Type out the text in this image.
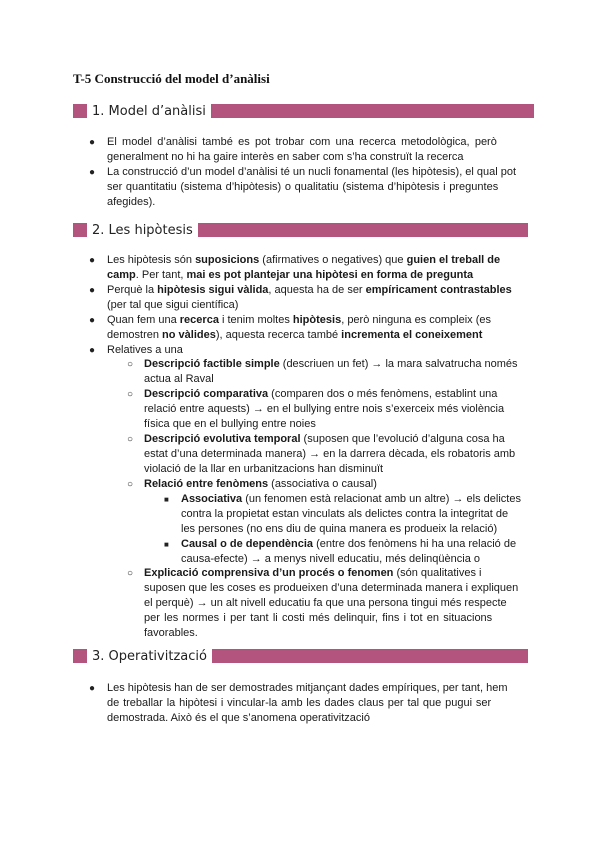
T-5 Construcció del model d’anàlisi
1. Model d’anàlisi
● El model d’anàlisi també es pot trobar com una recerca metodològica, però
generalment no hi ha gaire interès en saber com s’ha construït la recerca
● La construcció d’un model d’anàlisi té un nucli fonamental (les hipòtesis), el qual pot
ser quantitatiu (sistema d’hipòtesis) o qualitatiu (sistema d’hipòtesis i preguntes
afegides).
2. Les hipòtesis
● Les hipòtesis són suposicions (afirmatives o negatives) que guien el treball de
camp. Per tant, mai es pot plantejar una hipòtesi en forma de pregunta
● Perquè la hipòtesis sigui vàlida, aquesta ha de ser empíricament contrastables
(per tal que sigui científica)
● Quan fem una recerca i tenim moltes hipòtesis, però ninguna es compleix (es
demostren no vàlides), aquesta recerca també incrementa el coneixement
● Relatives a una
○ Descripció factible simple (descriuen un fet) → la mara salvatrucha només
actua al Raval
○ Descripció comparativa (comparen dos o més fenòmens, establint una
relació entre aquests) → en el bullying entre nois s’exerceix més violència
física que en el bullying entre noies
○ Descripció evolutiva temporal (suposen que l’evolució d’alguna cosa ha
estat d’una determinada manera) → en la darrera dècada, els robatoris amb
violació de la llar en urbanitzacions han disminuït
○ Relació entre fenòmens (associativa o causal)
■ Associativa (un fenomen està relacionat amb un altre) → els delictes
contra la propietat estan vinculats als delictes contra la integritat de
les persones (no ens diu de quina manera es produeix la relació)
■ Causal o de dependència (entre dos fenòmens hi ha una relació de
causa-efecte) → a menys nivell educatiu, més delinqüència o
○ Explicació comprensiva d’un procés o fenomen (són qualitatives i
suposen que les coses es produeixen d’una determinada manera i expliquen
el perquè) → un alt nivell educatiu fa que una persona tingui més respecte
per les normes i per tant li costi més delinquir, fins i tot en situacions
favorables.
3. Operativització
● Les hipòtesis han de ser demostrades mitjançant dades empíriques, per tant, hem
de treballar la hipòtesi i vincular-la amb les dades claus per tal que pugui ser
demostrada. Això és el que s’anomena operativització
